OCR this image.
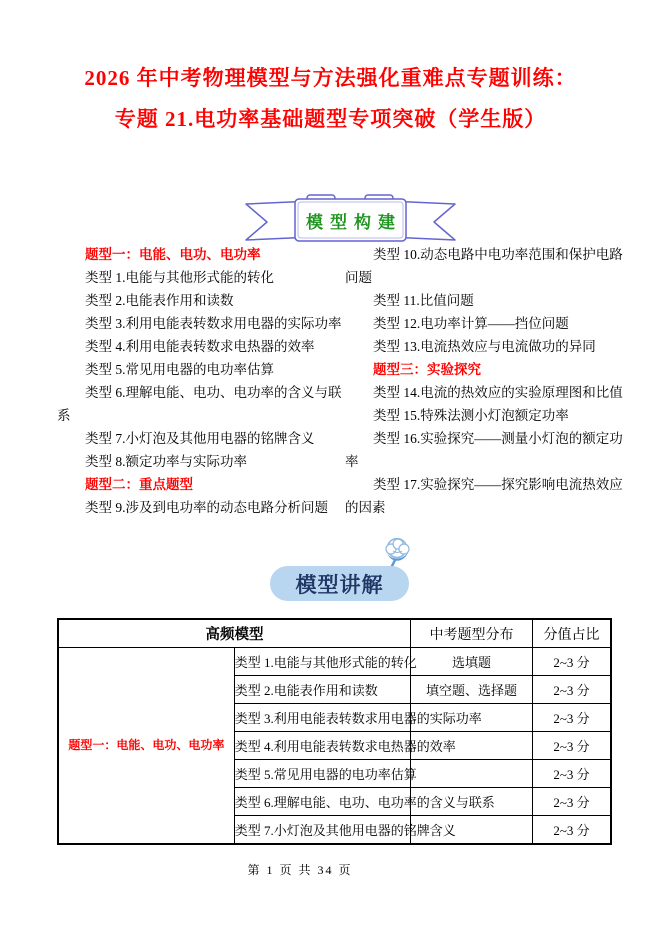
2026 年中考物理模型与方法强化重难点专题训练：
专题 21.电功率基础题型专项突破（学生版）
模型构建
题型一：电能、电功、电功率
类型 1.电能与其他形式能的转化
类型 2.电能表作用和读数
类型 3.利用电能表转数求用电器的实际功率
类型 4.利用电能表转数求电热器的效率
类型 5.常见用电器的电功率估算
类型 6.理解电能、电功、电功率的含义与联
系
类型 7.小灯泡及其他用电器的铭牌含义
类型 8.额定功率与实际功率
题型二：重点题型
类型 9.涉及到电功率的动态电路分析问题
类型 10.动态电路中电功率范围和保护电路
问题
类型 11.比值问题
类型 12.电功率计算——挡位问题
类型 13.电流热效应与电流做功的异同
题型三：实验探究
类型 14.电流的热效应的实验原理图和比值
类型 15.特殊法测小灯泡额定功率
类型 16.实验探究——测量小灯泡的额定功
率
类型 17.实验探究——探究影响电流热效应
的因素
模型讲解
高频模型		中考题型分布	分值占比
题型一：电能、电功、电功率	类型 1.电能与其他形式能的转化	选填题	2~3 分
	类型 2.电能表作用和读数	填空题、选择题	2~3 分
	类型 3.利用电能表转数求用电器的实际功率		2~3 分
	类型 4.利用电能表转数求电热器的效率		2~3 分
	类型 5.常见用电器的电功率估算		2~3 分
	类型 6.理解电能、电功、电功率的含义与联系		2~3 分
	类型 7.小灯泡及其他用电器的铭牌含义		2~3 分
第 1 页 共 34 页
